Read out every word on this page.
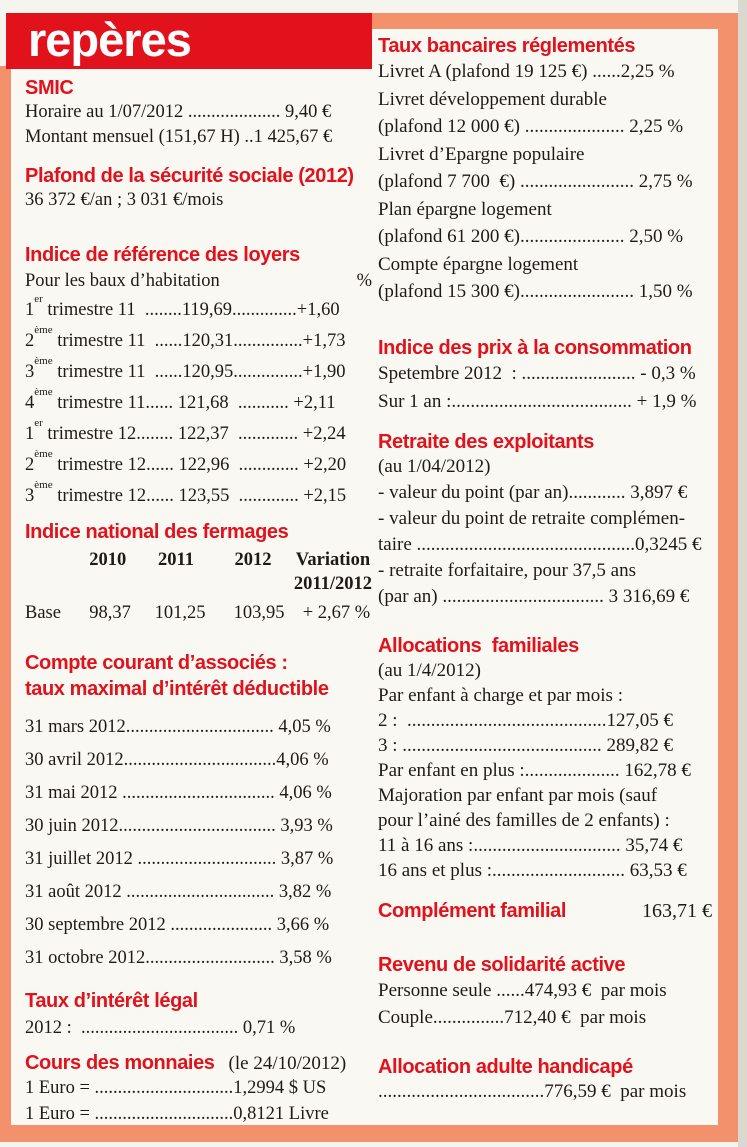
repères
SMIC
Horaire au 1/07/2012 .................... 9,40 €
Montant mensuel (151,67 H) ..1 425,67 €
Plafond de la sécurité sociale (2012)
36 372 €/an ; 3 031 €/mois
Indice de référence des loyers
Pour les baux d’habitation	%
1er trimestre 11  ........119,69..............+1,60
2ème trimestre 11  ......120,31...............+1,73
3ème trimestre 11  ......120,95...............+1,90
4ème trimestre 11...... 121,68  ........... +2,11
1er trimestre 12........ 122,37  ............. +2,24
2ème trimestre 12...... 122,96  ............. +2,20
3ème trimestre 12...... 123,55  ............. +2,15
Indice national des fermages
2010	2011	2012	Variation
2011/2012
Base	98,37	101,25	103,95 + 2,67 %
Compte courant d’associés :
taux maximal d’intérêt déductible
31 mars 2012................................ 4,05 %
30 avril 2012.................................4,06 %
31 mai 2012 ................................. 4,06 %
30 juin 2012.................................. 3,93 %
31 juillet 2012 .............................. 3,87 %
31 août 2012 ................................ 3,82 %
30 septembre 2012 ...................... 3,66 %
31 octobre 2012............................ 3,58 %
Taux d’intérêt légal
2012 :  .................................. 0,71 %
Cours des monnaies (le 24/10/2012)
1 Euro = ..............................1,2994 $ US
1 Euro = ..............................0,8121 Livre
Taux bancaires réglementés
Livret A (plafond 19 125 €) ......2,25 %
Livret développement durable
(plafond 12 000 €) ..................... 2,25 %
Livret d’Epargne populaire
(plafond 7 700  €) ........................ 2,75 %
Plan épargne logement
(plafond 61 200 €)...................... 2,50 %
Compte épargne logement
(plafond 15 300 €)........................ 1,50 %
Indice des prix à la consommation
Spetembre 2012  : ........................ - 0,3 %
Sur 1 an :...................................... + 1,9 %
Retraite des exploitants
(au 1/04/2012)
- valeur du point (par an)............ 3,897 €
- valeur du point de retraite complémen-
taire ..............................................0,3245 €
- retraite forfaitaire, pour 37,5 ans
(par an) .................................. 3 316,69 €
Allocations  familiales
(au 1/4/2012)
Par enfant à charge et par mois :
2 :  ..........................................127,05 €
3 : .......................................... 289,82 €
Par enfant en plus :.................... 162,78 €
Majoration par enfant par mois (sauf
pour l’ainé des familles de 2 enfants) :
11 à 16 ans :............................... 35,74 €
16 ans et plus :............................ 63,53 €
Complément familial	163,71 €
Revenu de solidarité active
Personne seule ......474,93 €  par mois
Couple...............712,40 €  par mois
Allocation adulte handicapé
...................................776,59 €  par mois
